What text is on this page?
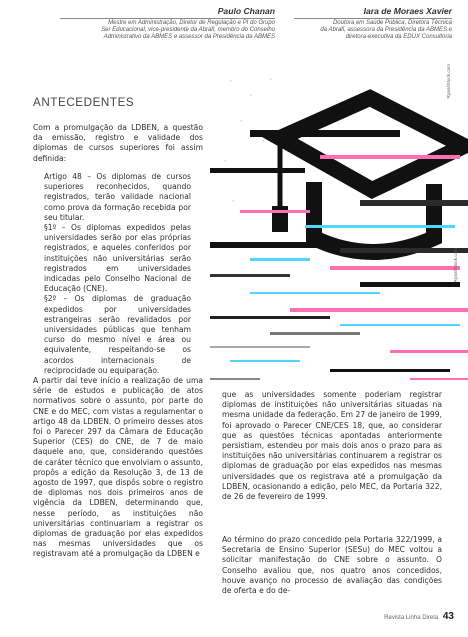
Paulo Chanan
Mestre em Administração, Diretor de Regulação e PI do Grupo
Ser Educacional, vice-presidente da Abrafi, membro do Conselho
Administrativo da ABMES e assessor da Presidência da ABMES
Iara de Moraes Xavier
Doutora em Saúde Pública, Diretora Técnica
da Abrafi, assessora da Presidência da ABMES e
diretora-executiva da EDUX Consultoria
Ryan/iStock.com
Ryan/iStock.com
ANTECEDENTES

Com a promulgação da LDBEN, a questão da emissão, registro e validade dos diplomas de cursos superiores foi assim definida:

Artigo 48 – Os diplomas de cursos superiores reconhecidos, quando registrados, terão validade nacional como prova da formação recebida por seu titular.

§1º – Os diplomas expedidos pelas universidades serão por elas próprias registrados, e aqueles conferidos por instituições não universitárias serão registrados em universidades indicadas pelo Conselho Nacional de Educação (CNE).

§2º – Os diplomas de graduação expedidos por universidades estrangeiras serão revalidados por universidades públicas que tenham curso do mesmo nível e área ou equivalente, respeitando-se os acordos internacionais de reciprocidade ou equiparação.

A partir daí teve início a realização de uma série de estudos e publicação de atos normativos sobre o assunto, por parte do CNE e do MEC, com vistas a regulamentar o artigo 48 da LDBEN. O primeiro desses atos foi o Parecer 297 da Câmara de Educação Superior (CES) do CNE, de 7 de maio daquele ano, que, considerando questões de caráter técnico que envolviam o assunto, propôs a edição da Resolução 3, de 13 de agosto de 1997, que dispôs sobre o registro de diplomas nos dois primeiros anos de vigência da LDBEN, determinando que, nesse período, as instituições não universitárias continuariam a registrar os diplomas de graduação por elas expedidos nas mesmas universidades que os registravam até a promulgação da LDBEN e

que as universidades somente poderiam registrar diplomas de instituições não universitárias situadas na mesma unidade da federação. Em 27 de janeiro de 1999, foi aprovado o Parecer CNE/CES 18, que, ao considerar que as questões técnicas apontadas anteriormente persistiam, estendeu por mais dois anos o prazo para as instituições não universitárias continuarem a registrar os diplomas de graduação por elas expedidos nas mesmas universidades que os registrava até a promulgação da LDBEN, ocasionando a edição, pelo MEC, da Portaria 322, de 26 de fevereiro de 1999.

Ao término do prazo concedido pela Portaria 322/1999, a Secretaria de Ensino Superior (SESu) do MEC voltou a solicitar manifestação do CNE sobre o assunto. O Conselho avaliou que, nos quatro anos concedidos, houve avanço no processo de avaliação das condições de oferta e do de-

Revista Linha Direta 43
